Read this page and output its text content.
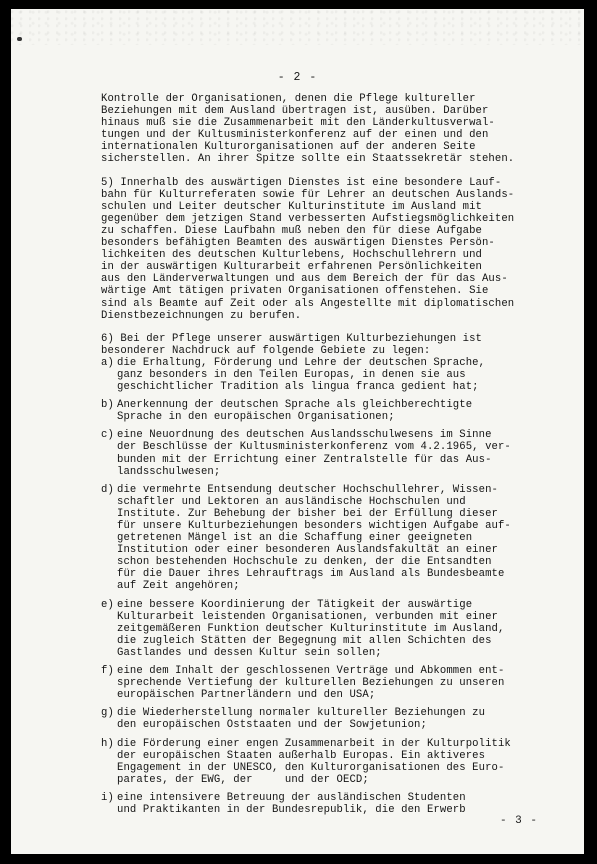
- 2 -

Kontrolle der Organisationen, denen die Pflege kultureller
Beziehungen mit dem Ausland übertragen ist, ausüben. Darüber
hinaus muß sie die Zusammenarbeit mit den Länderkultusverwal-
tungen und der Kultusministerkonferenz auf der einen und den
internationalen Kulturorganisationen auf der anderen Seite
sicherstellen. An ihrer Spitze sollte ein Staatssekretär stehen.

5) Innerhalb des auswärtigen Dienstes ist eine besondere Lauf-
bahn für Kulturreferaten sowie für Lehrer an deutschen Auslands-
schulen und Leiter deutscher Kulturinstitute im Ausland mit
gegenüber dem jetzigen Stand verbesserten Aufstiegsmöglichkeiten
zu schaffen. Diese Laufbahn muß neben den für diese Aufgabe
besonders befähigten Beamten des auswärtigen Dienstes Persön-
lichkeiten des deutschen Kulturlebens, Hochschullehrern und
in der auswärtigen Kulturarbeit erfahrenen Persönlichkeiten
aus den Länderverwaltungen und aus dem Bereich der für das Aus-
wärtige Amt tätigen privaten Organisationen offenstehen. Sie
sind als Beamte auf Zeit oder als Angestellte mit diplomatischen
Dienstbezeichnungen zu berufen.

6) Bei der Pflege unserer auswärtigen Kulturbeziehungen ist
besonderer Nachdruck auf folgende Gebiete zu legen:

a) die Erhaltung, Förderung und Lehre der deutschen Sprache,
ganz besonders in den Teilen Europas, in denen sie aus
geschichtlicher Tradition als lingua franca gedient hat;
b) Anerkennung der deutschen Sprache als gleichberechtigte
Sprache in den europäischen Organisationen;
c) eine Neuordnung des deutschen Auslandsschulwesens im Sinne
der Beschlüsse der Kultusministerkonferenz vom 4.2.1965, ver-
bunden mit der Errichtung einer Zentralstelle für das Aus-
landsschulwesen;
d) die vermehrte Entsendung deutscher Hochschullehrer, Wissen-
schaftler und Lektoren an ausländische Hochschulen und
Institute. Zur Behebung der bisher bei der Erfüllung dieser
für unsere Kulturbeziehungen besonders wichtigen Aufgabe auf-
getretenen Mängel ist an die Schaffung einer geeigneten
Institution oder einer besonderen Auslandsfakultät an einer
schon bestehenden Hochschule zu denken, der die Entsandten
für die Dauer ihres Lehrauftrags im Ausland als Bundesbeamte
auf Zeit angehören;
e) eine bessere Koordinierung der Tätigkeit der auswärtige
Kulturarbeit leistenden Organisationen, verbunden mit einer
zeitgemäßeren Funktion deutscher Kulturinstitute im Ausland,
die zugleich Stätten der Begegnung mit allen Schichten des
Gastlandes und dessen Kultur sein sollen;
f) eine dem Inhalt der geschlossenen Verträge und Abkommen ent-
sprechende Vertiefung der kulturellen Beziehungen zu unseren
europäischen Partnerländern und den USA;
g) die Wiederherstellung normaler kultureller Beziehungen zu
den europäischen Oststaaten und der Sowjetunion;
h) die Förderung einer engen Zusammenarbeit in der Kulturpolitik
der europäischen Staaten außerhalb Europas. Ein aktiveres
Engagement in der UNESCO, den Kulturorganisationen des Euro-
parates, der EWG, der     und der OECD;
i) eine intensivere Betreuung der ausländischen Studenten
und Praktikanten in der Bundesrepublik, die den Erwerb
- 3 -
